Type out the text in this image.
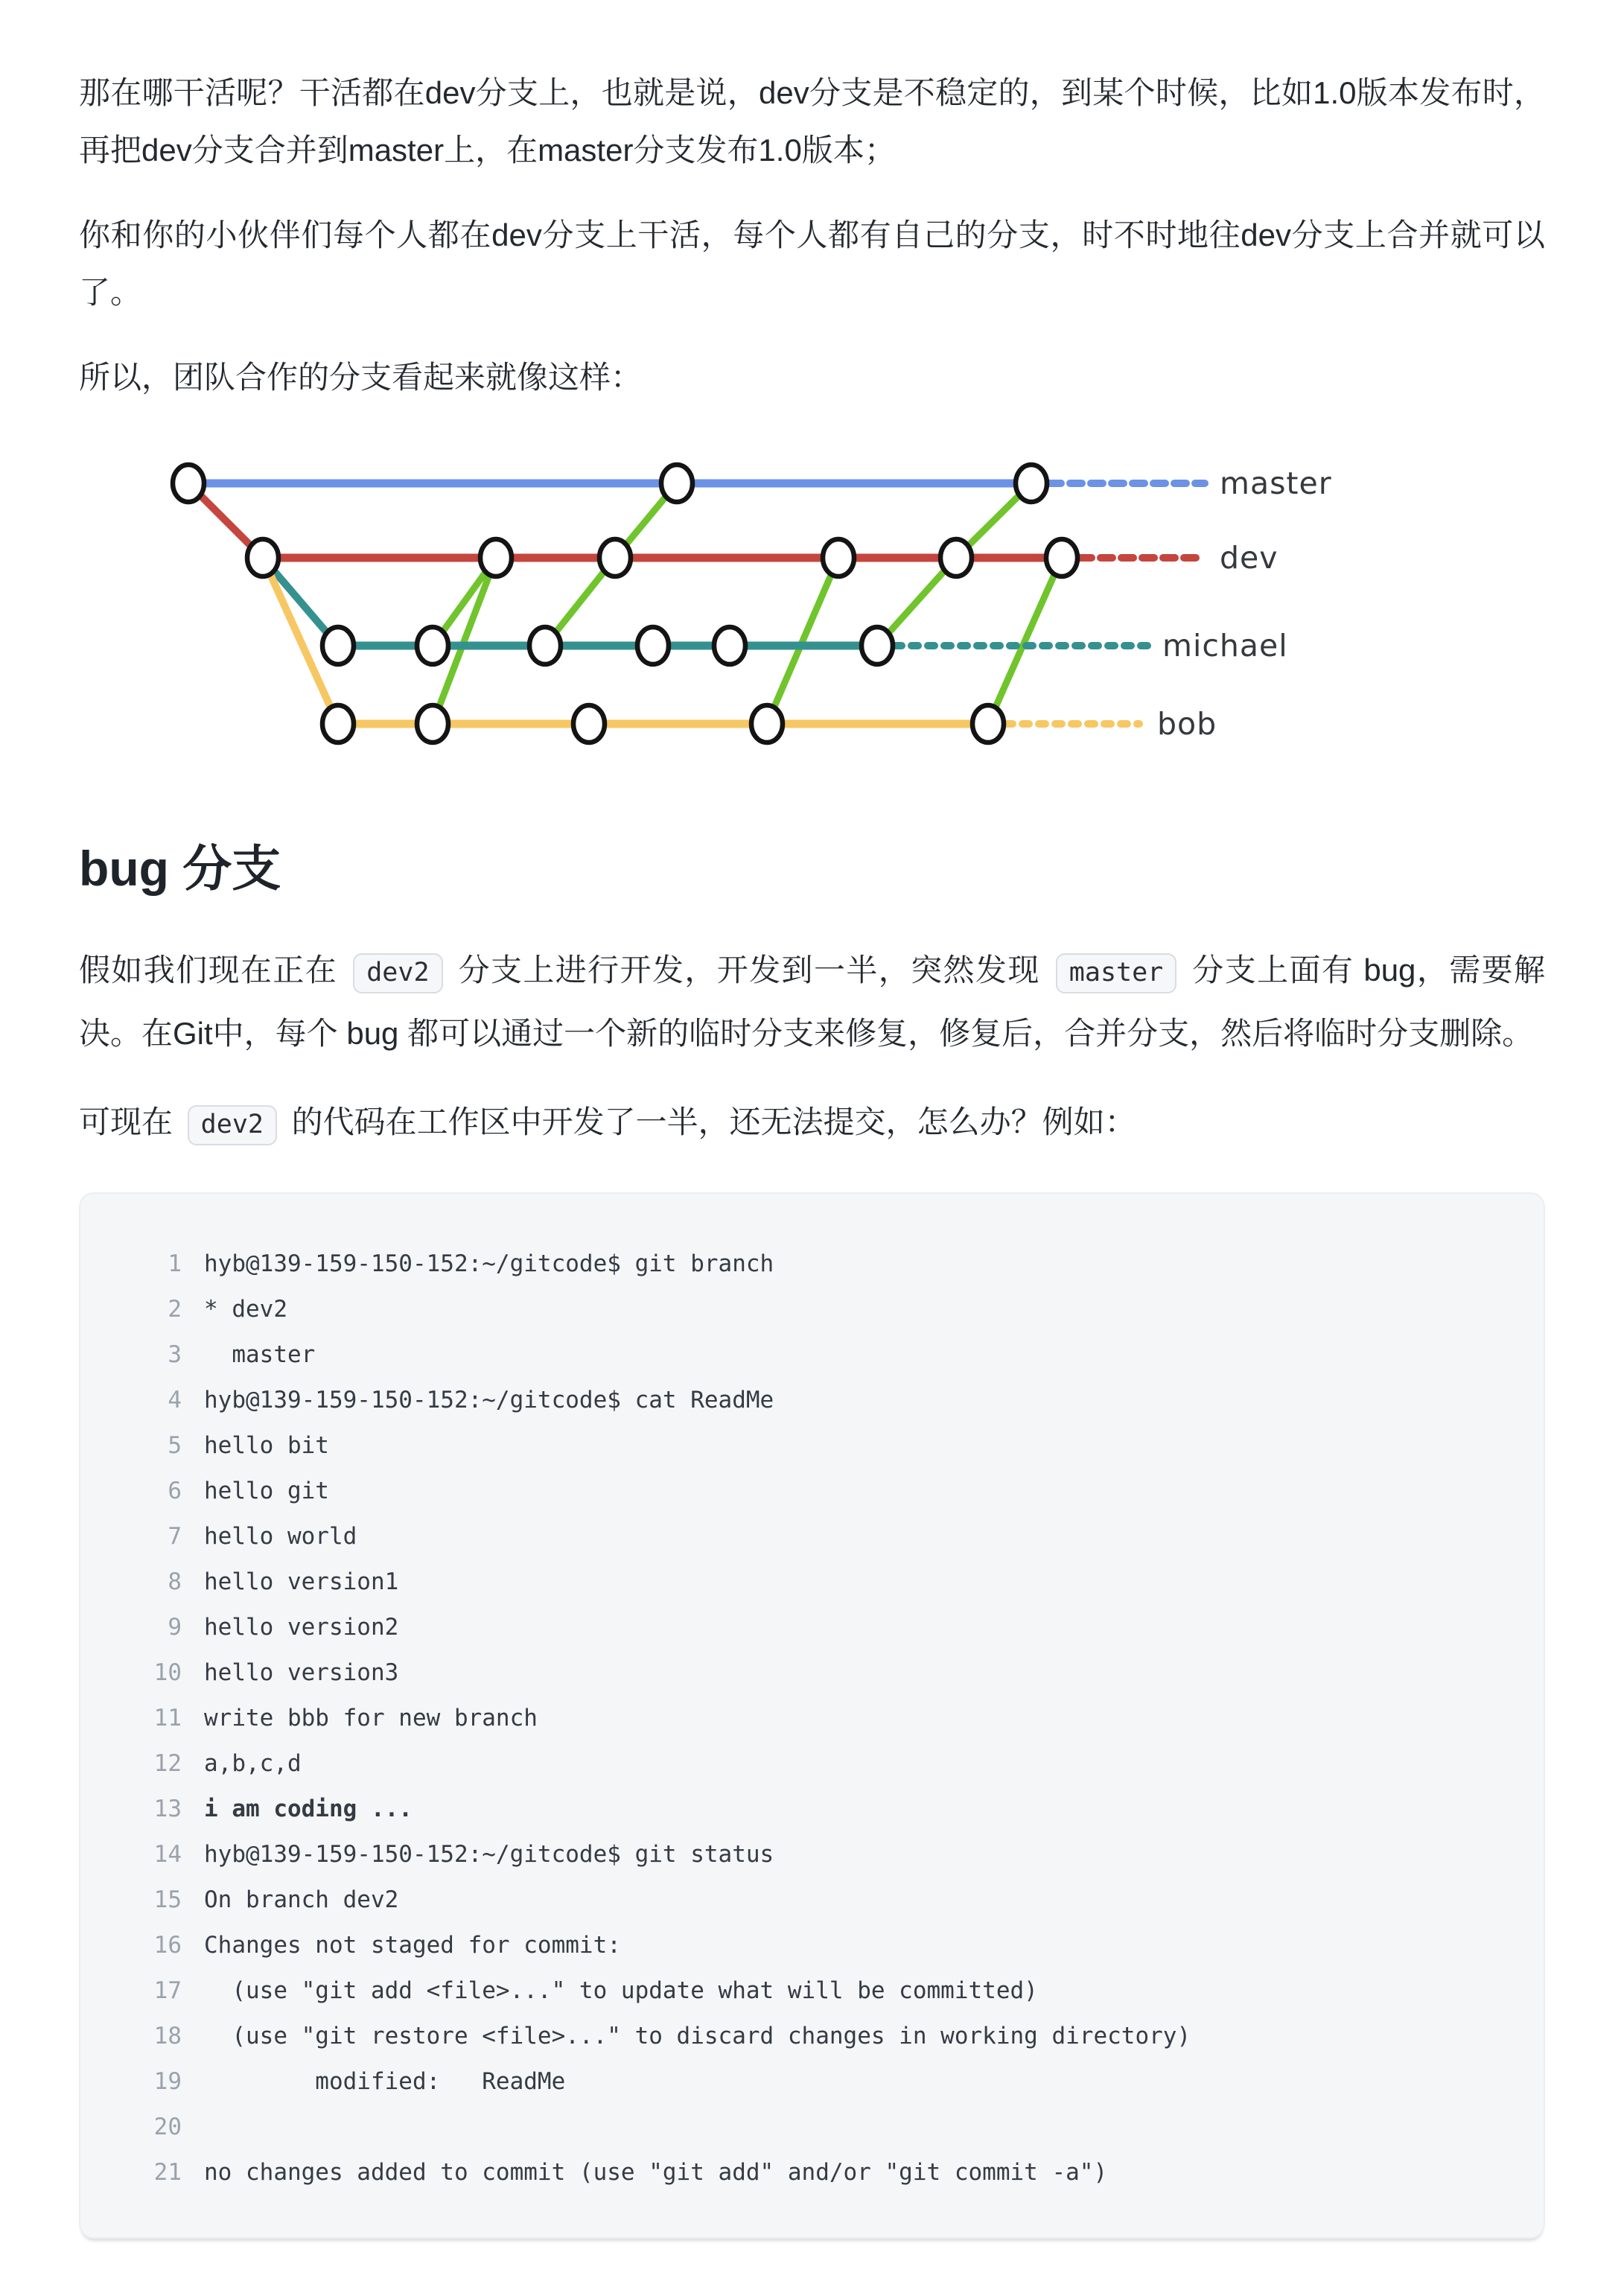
那在哪干活呢？干活都在dev分支上，也就是说，dev分支是不稳定的，到某个时候，比如1.0版本发布时，再把dev分支合并到master上，在master分支发布1.0版本；

你和你的小伙伴们每个人都在dev分支上干活，每个人都有自己的分支，时不时地往dev分支上合并就可以了。

所以，团队合作的分支看起来就像这样：

master
dev
michael
bob
bug 分支

假如我们现在正在 dev2 分支上进行开发，开发到一半，突然发现 master 分支上面有 bug，需要解决。在Git中，每个 bug 都可以通过一个新的临时分支来修复，修复后，合并分支，然后将临时分支删除。

可现在 dev2 的代码在工作区中开发了一半，还无法提交，怎么办？例如：

1 hyb@139-159-150-152:~/gitcode$ git branch
2 * dev2
3 master
4 hyb@139-159-150-152:~/gitcode$ cat ReadMe
5 hello bit
6 hello git
7 hello world
8 hello version1
9 hello version2
10 hello version3
11 write bbb for new branch
12 a,b,c,d
13 i am coding ...
14 hyb@139-159-150-152:~/gitcode$ git status
15 On branch dev2
16 Changes not staged for commit:
17 (use "git add <file>..." to update what will be committed)
18 (use "git restore <file>..." to discard changes in working directory)
19 modified:   ReadMe
20
21 no changes added to commit (use "git add" and/or "git commit -a")
